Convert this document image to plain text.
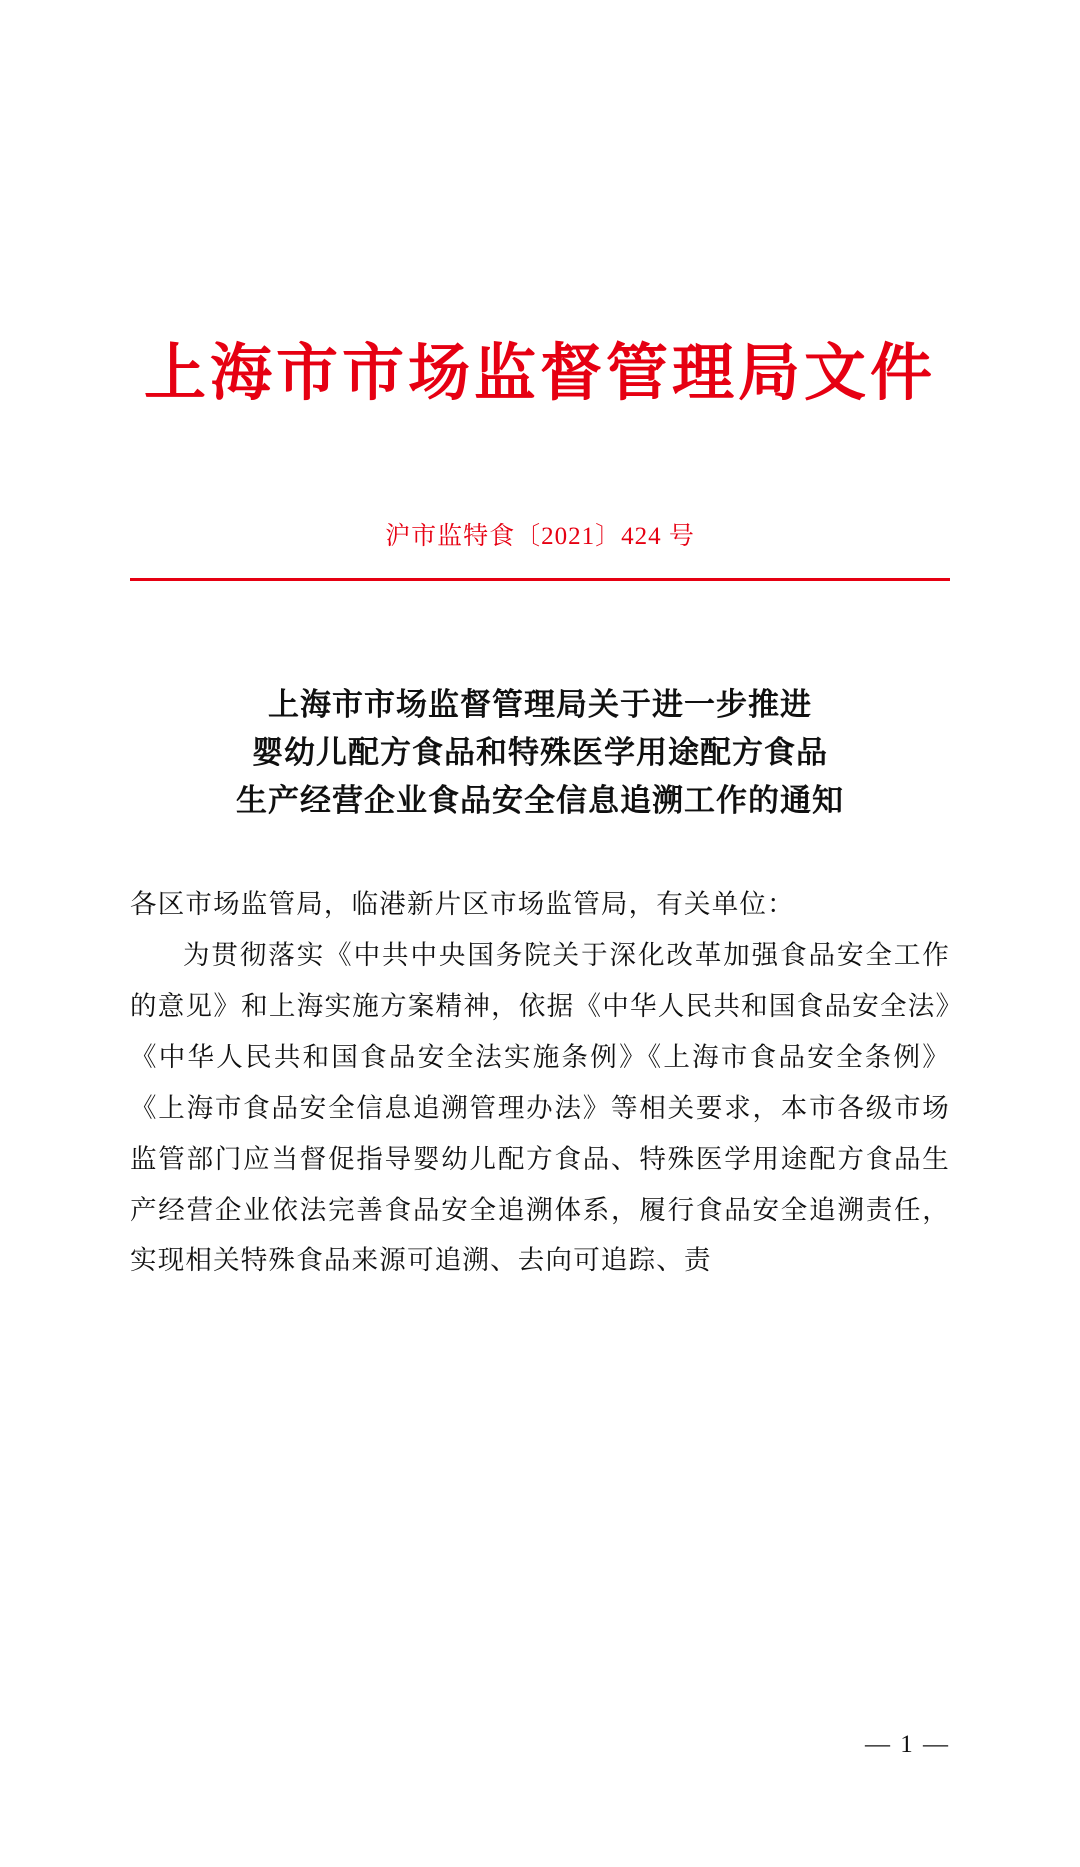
上海市市场监督管理局文件
沪市监特食〔2021〕424 号
上海市市场监督管理局关于进一步推进
婴幼儿配方食品和特殊医学用途配方食品
生产经营企业食品安全信息追溯工作的通知

各区市场监管局，临港新片区市场监管局，有关单位：

为贯彻落实《中共中央国务院关于深化改革加强食品安全工作的意见》和上海实施方案精神，依据《中华人民共和国食品安全法》《中华人民共和国食品安全法实施条例》《上海市食品安全条例》《上海市食品安全信息追溯管理办法》等相关要求，本市各级市场监管部门应当督促指导婴幼儿配方食品、特殊医学用途配方食品生产经营企业依法完善食品安全追溯体系，履行食品安全追溯责任，实现相关特殊食品来源可追溯、去向可追踪、责

— 1 —
